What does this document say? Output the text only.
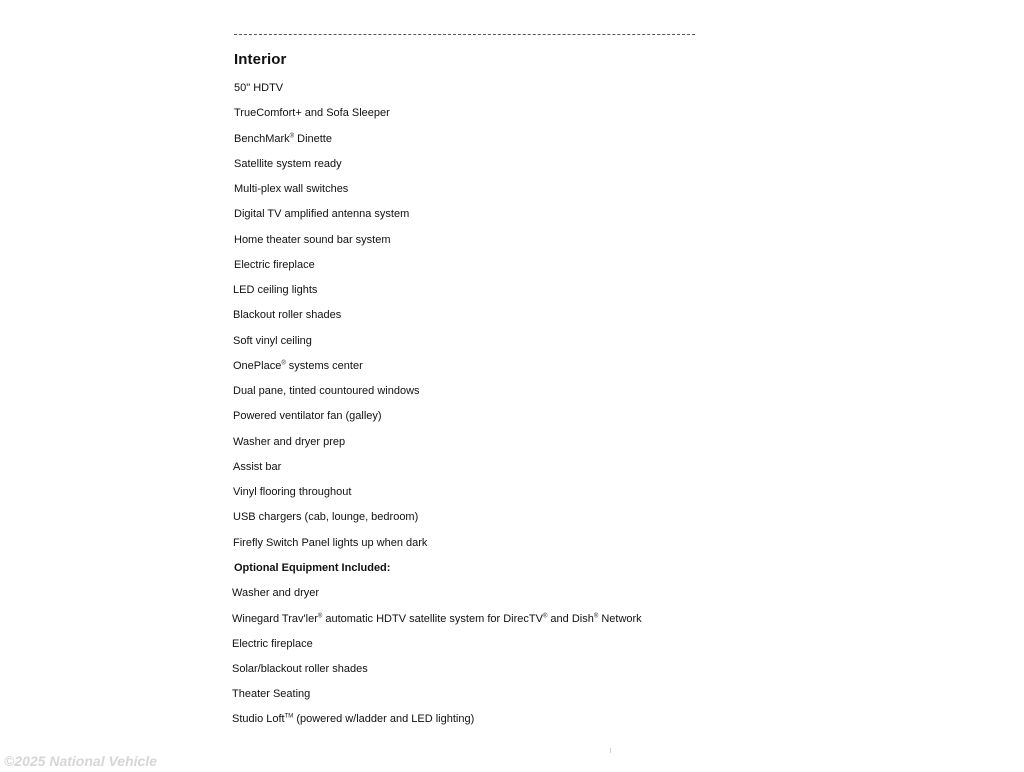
Interior
50" HDTV
TrueComfort+ and Sofa Sleeper
BenchMark® Dinette
Satellite system ready
Multi-plex wall switches
Digital TV amplified antenna system
Home theater sound bar system
Electric fireplace
LED ceiling lights
Blackout roller shades
Soft vinyl ceiling
OnePlace® systems center
Dual pane, tinted countoured windows
Powered ventilator fan (galley)
Washer and dryer prep
Assist bar
Vinyl flooring throughout
USB chargers (cab, lounge, bedroom)
Firefly Switch Panel lights up when dark
Optional Equipment Included:
Washer and dryer
Winegard Trav'ler® automatic HDTV satellite system for DirecTV® and Dish® Network
Electric fireplace
Solar/blackout roller shades
Theater Seating
Studio Loft™ (powered w/ladder and LED lighting)
©2025 National Vehicle
